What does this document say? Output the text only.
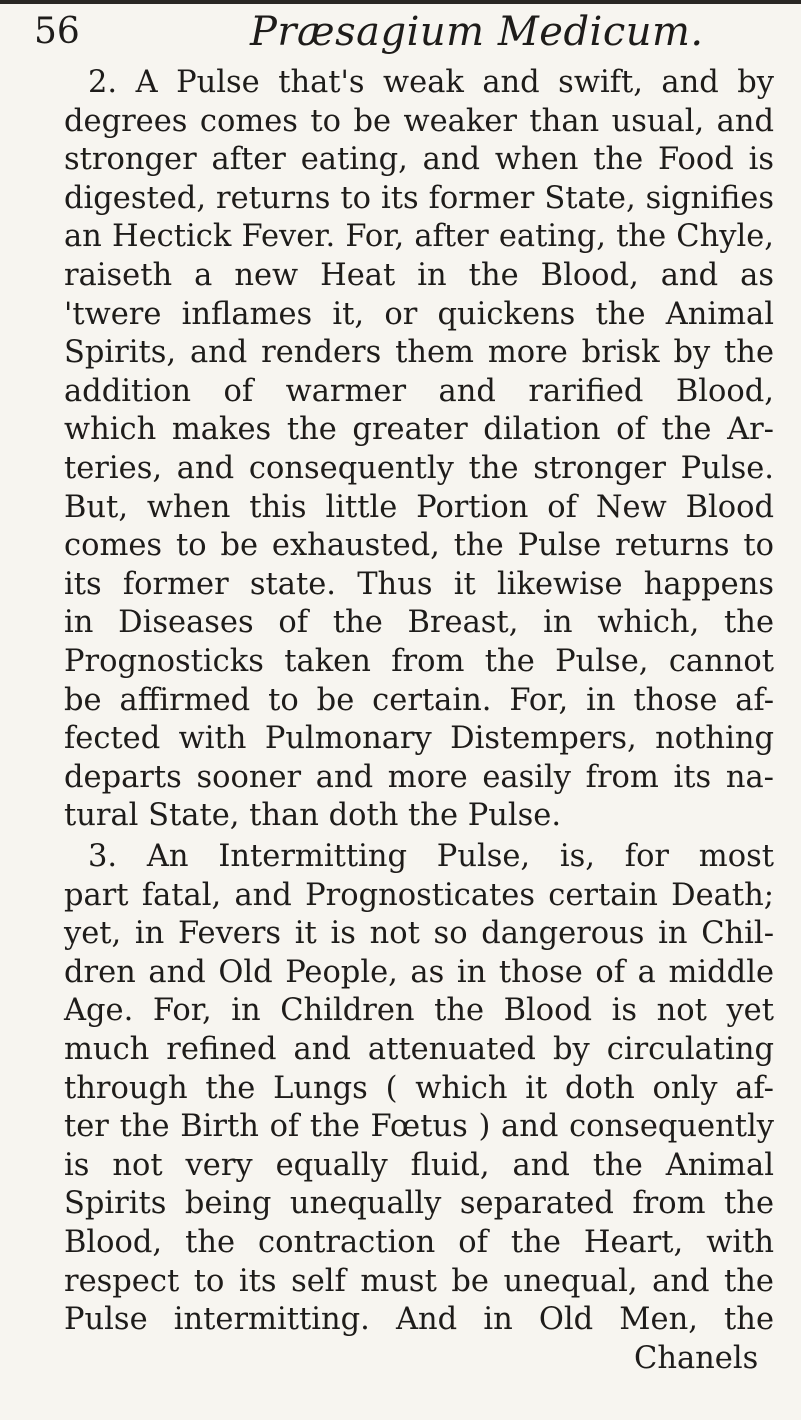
56	Præsagium Medicum.
2. A Pulse that's weak and swift, and by
degrees comes to be weaker than usual, and
stronger after eating, and when the Food is
digested, returns to its former State, signifies
an Hectick Fever. For, after eating, the Chyle,
raiseth a new Heat in the Blood, and as
'twere inflames it, or quickens the Animal
Spirits, and renders them more brisk by the
addition of warmer and rarified Blood,
which makes the greater dilation of the Ar-
teries, and consequently the stronger Pulse.
But, when this little Portion of New Blood
comes to be exhausted, the Pulse returns to
its former state. Thus it likewise happens
in Diseases of the Breast, in which, the
Prognosticks taken from the Pulse, cannot
be affirmed to be certain. For, in those af-
fected with Pulmonary Distempers, nothing
departs sooner and more easily from its na-
tural State, than doth the Pulse.
3. An Intermitting Pulse, is, for most
part fatal, and Prognosticates certain Death;
yet, in Fevers it is not so dangerous in Chil-
dren and Old People, as in those of a middle
Age. For, in Children the Blood is not yet
much refined and attenuated by circulating
through the Lungs ( which it doth only af-
ter the Birth of the Fœtus ) and consequently
is not very equally fluid, and the Animal
Spirits being unequally separated from the
Blood, the contraction of the Heart, with
respect to its self must be unequal, and the
Pulse intermitting. And in Old Men, the
Chanels
